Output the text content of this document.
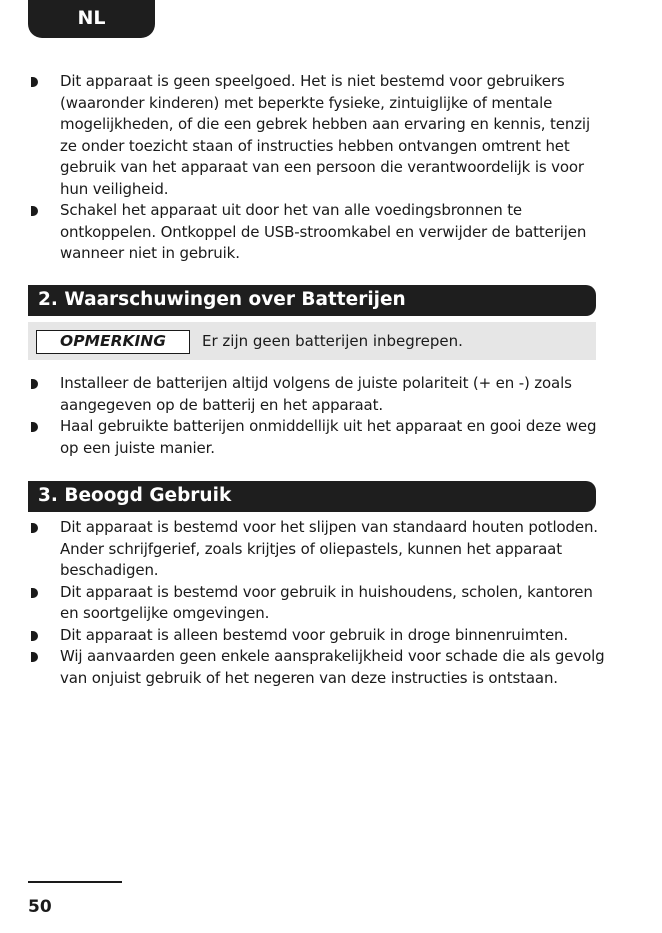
NL
Dit apparaat is geen speelgoed. Het is niet bestemd voor gebruikers (waaronder kinderen) met beperkte fysieke, zintuiglijke of mentale mogelijkheden, of die een gebrek hebben aan ervaring en kennis, tenzij ze onder toezicht staan of instructies hebben ontvangen omtrent het gebruik van het apparaat van een persoon die verantwoordelijk is voor hun veiligheid.
Schakel het apparaat uit door het van alle voedingsbronnen te ontkoppelen. Ontkoppel de USB-stroomkabel en verwijder de batterijen wanneer niet in gebruik.
2. Waarschuwingen over Batterijen
OPMERKING	Er zijn geen batterijen inbegrepen.
Installeer de batterijen altijd volgens de juiste polariteit (+ en -) zoals aangegeven op de batterij en het apparaat.
Haal gebruikte batterijen onmiddellijk uit het apparaat en gooi deze weg op een juiste manier.
3. Beoogd Gebruik
Dit apparaat is bestemd voor het slijpen van standaard houten potloden. Ander schrijfgerief, zoals krijtjes of oliepastels, kunnen het apparaat beschadigen.
Dit apparaat is bestemd voor gebruik in huishoudens, scholen, kantoren en soortgelijke omgevingen.
Dit apparaat is alleen bestemd voor gebruik in droge binnenruimten.
Wij aanvaarden geen enkele aansprakelijkheid voor schade die als gevolg van onjuist gebruik of het negeren van deze instructies is ontstaan.
50
